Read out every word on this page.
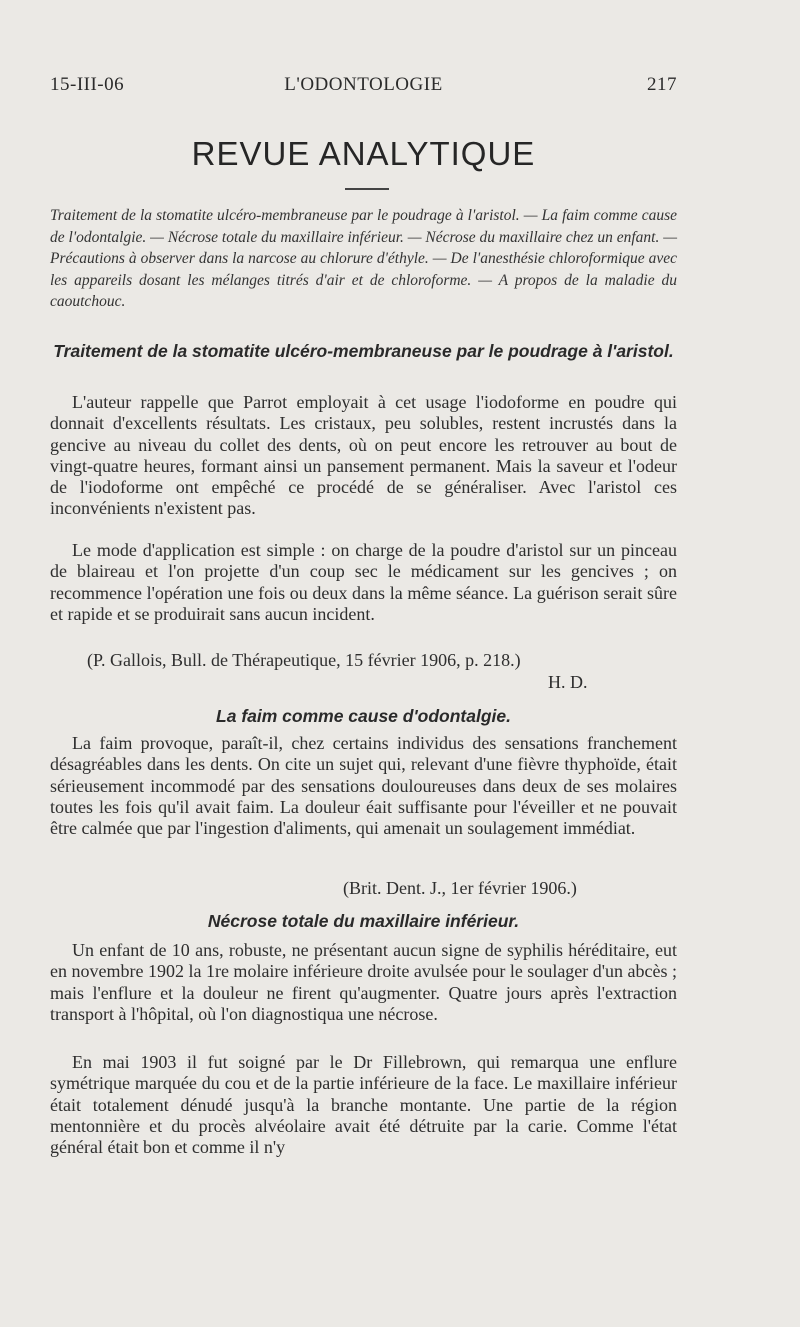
15-III-06	L'ODONTOLOGIE	217
REVUE ANALYTIQUE
Traitement de la stomatite ulcéro-membraneuse par le poudrage à l'aristol. — La faim comme cause de l'odontalgie. — Nécrose totale du maxillaire inférieur. — Nécrose du maxillaire chez un enfant. — Précautions à observer dans la narcose au chlorure d'éthyle. — De l'anesthésie chloroformique avec les appareils dosant les mélanges titrés d'air et de chloroforme. — A propos de la maladie du caoutchouc.
Traitement de la stomatite ulcéro-membraneuse par le poudrage à l'aristol.
L'auteur rappelle que Parrot employait à cet usage l'iodoforme en poudre qui donnait d'excellents résultats. Les cristaux, peu solubles, restent incrustés dans la gencive au niveau du collet des dents, où on peut encore les retrouver au bout de vingt-quatre heures, formant ainsi un pansement permanent. Mais la saveur et l'odeur de l'iodoforme ont empêché ce procédé de se généraliser. Avec l'aristol ces inconvénients n'existent pas.
Le mode d'application est simple : on charge de la poudre d'aristol sur un pinceau de blaireau et l'on projette d'un coup sec le médicament sur les gencives ; on recommence l'opération une fois ou deux dans la même séance. La guérison serait sûre et rapide et se produirait sans aucun incident.
(P. Gallois, Bull. de Thérapeutique, 15 février 1906, p. 218.)
H. D.
La faim comme cause d'odontalgie.
La faim provoque, paraît-il, chez certains individus des sensations franchement désagréables dans les dents. On cite un sujet qui, relevant d'une fièvre thyphoïde, était sérieusement incommodé par des sensations douloureuses dans deux de ses molaires toutes les fois qu'il avait faim. La douleur éait suffisante pour l'éveiller et ne pouvait être calmée que par l'ingestion d'aliments, qui amenait un soulagement immédiat.
(Brit. Dent. J., 1er février 1906.)
Nécrose totale du maxillaire inférieur.
Un enfant de 10 ans, robuste, ne présentant aucun signe de syphilis héréditaire, eut en novembre 1902 la 1re molaire inférieure droite avulsée pour le soulager d'un abcès ; mais l'enflure et la douleur ne firent qu'augmenter. Quatre jours après l'extraction transport à l'hôpital, où l'on diagnostiqua une nécrose.
En mai 1903 il fut soigné par le Dr Fillebrown, qui remarqua une enflure symétrique marquée du cou et de la partie inférieure de la face. Le maxillaire inférieur était totalement dénudé jusqu'à la branche montante. Une partie de la région mentonnière et du procès alvéolaire avait été détruite par la carie. Comme l'état général était bon et comme il n'y
